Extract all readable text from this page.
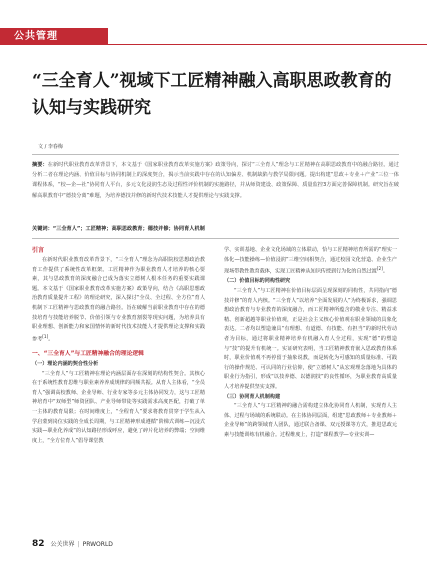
公共管理
“三全育人”视域下工匠精神融入高职思政教育的认知与实践研究

文 / 李春梅

摘要：在新时代职业教育改革背景下，本文基于《国家职业教育改革实施方案》政策导向，探讨“三全育人”理念与工匠精神在高职思政教育中的融合路径。通过分析二者在理论内涵、价值目标与协同机制上的深度契合，揭示当前实践中存在的认知偏差、机制缺陷与教学局限问题。提出构建“思政＋专业＋产业”三位一体课程体系，“校—企—社”协同育人平台，多元文化浸润生态及过程性评价机制的实施路径，并从师资建设、政策保障、质量监控3方面完善保障机制。研究旨在破解高职教育中“德技分离”难题，为培养德技并修的新时代技术技能人才提供理论与实践支撑。

关键词：“三全育人”；工匠精神；高职思政教育；德技并修；协同育人机制

引言

在新时代职业教育改革背景下，“三全育人”理念为高职院校思想政治教育工作提供了系统性改革框架。工匠精神作为职业教育人才培养的核心要素，其与思政教育的深度融合已成为落实立德树人根本任务的重要实践课题。本文基于《国家职业教育改革实施方案》政策导向，结合《高职思想政治教育质量提升工程》的理论研究，深入探讨“全员、全过程、全方位”育人机制下工匠精神与思政教育的融合路径。旨在破解当前职业教育中存在的德技培育与技能培养脱节、价值引领与专业教育割裂等现实问题，为培养具有职业理想、创新能力和家国情怀的新时代技术技能人才提供理论支撑和实践参考[1]。

一、“三全育人”与工匠精神融合的理论逻辑
（一）理论内涵的契合性分析

“三全育人”与工匠精神在理论内涵层面存在深刻的结构性契合。其核心在于系统性教育思维与职业素养养成规律的同频共振。从育人主体看，“全员育人”强调高校教师、企业导师、行业专家等多元主体协同发力，这与工匠精神培育中“双师型”师资团队、产业导师带徒等实践需求高度匹配，打破了单一主体的教育局限；在时间维度上，“全程育人”要求将教育贯穿于学生从入学启蒙到岗位实践的全成长周期，与工匠精神形成遵循“阶梯式训练—沉浸式实践—职业化养成”的认知路径形成呼应，避免了碎片化培养的弊端；空间维度上，“全方位育人”倡导课堂教

学、实训基地、企业文化场域的立体联动，恰与工匠精神培育所需的“理实一体化—技能操练—价值浸润”三维空间相契合，通过校园文化营造、企业生产现场带教性教育载体，实现工匠精神从知识传授到行为化的自然过渡[2]。

（二）价值目标的同构性研究

“三全育人”与工匠精神在价值目标层面呈现深刻的同构性，共同指向“德技并修”的育人内核。“三全育人”以培养“全面发展的人”为终极诉求，强调思想政治教育与专业教育的深度融合，而工匠精神所蕴含的敬业专注、精益求精、创新超越等职业价值观，正是社会主义核心价值观在职业领域的具象化表达。二者均以塑造兼具“有理想、有道德、有技能、有担当”的新时代劳动者为目标，通过将职业精神培养有机融入育人全过程，实现“德”的塑造与“技”的提升有机统一。实证研究表明，当工匠精神教育嵌入思政教育体系时，职业价值观不再停留于抽象说教，而是转化为可感知的质量标准、可践行的操作规范、可认同的行业信仰，使“立德树人”从宏观理念落地为具体的职业行为指引，形成“以技养德、以德润技”的良性循环，为职业教育高质量人才培养提供坚实支撑。

（三）协同育人机制构建

“三全育人”与工匠精神的融合需构建立体化协同育人机制，实现育人主体、过程与场域的系统联动。在主体协同层面，组建“思政教师＋专业教师＋企业导师”的跨领域育人团队，通过联合备课、双元授课等方式，推进思政元素与技能训练有机融合。过程维度上，打造“课程教学—专业实训—

82 公关世界 | PRWORLD
